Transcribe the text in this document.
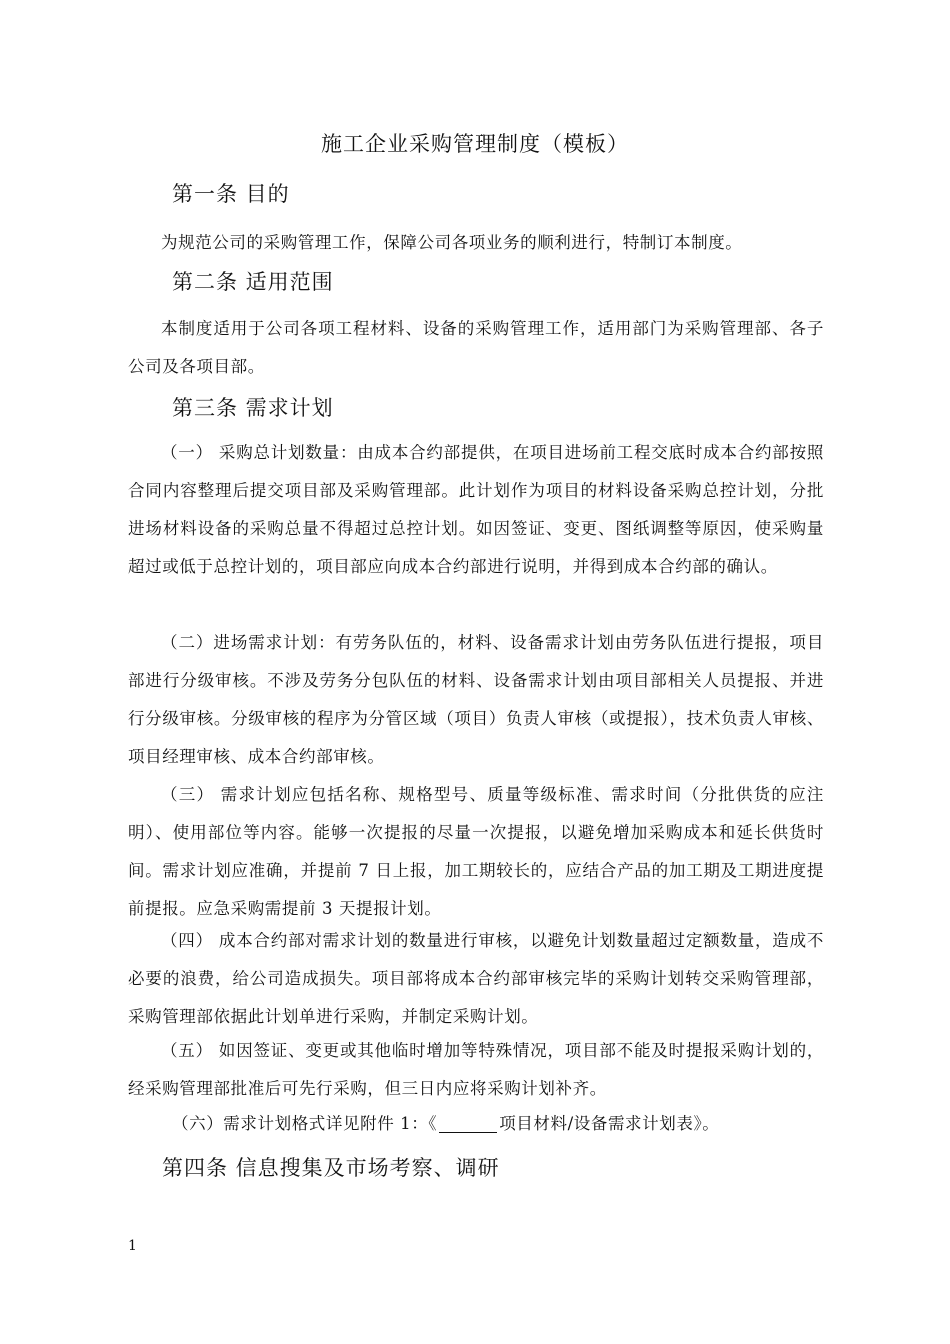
施工企业采购管理制度（模板）
第一条 目的
为规范公司的采购管理工作，保障公司各项业务的顺利进行，特制订本制度。
第二条 适用范围
本制度适用于公司各项工程材料、设备的采购管理工作，适用部门为采购管理部、各子公司及各项目部。
第三条 需求计划
（一） 采购总计划数量：由成本合约部提供，在项目进场前工程交底时成本合约部按照合同内容整理后提交项目部及采购管理部。此计划作为项目的材料设备采购总控计划，分批进场材料设备的采购总量不得超过总控计划。如因签证、变更、图纸调整等原因，使采购量超过或低于总控计划的，项目部应向成本合约部进行说明，并得到成本合约部的确认。
（二）进场需求计划：有劳务队伍的，材料、设备需求计划由劳务队伍进行提报，项目部进行分级审核。不涉及劳务分包队伍的材料、设备需求计划由项目部相关人员提报、并进行分级审核。分级审核的程序为分管区域（项目）负责人审核（或提报），技术负责人审核、项目经理审核、成本合约部审核。
（三） 需求计划应包括名称、规格型号、质量等级标准、需求时间（分批供货的应注明）、使用部位等内容。能够一次提报的尽量一次提报，以避免增加采购成本和延长供货时间。需求计划应准确，并提前 7 日上报，加工期较长的，应结合产品的加工期及工期进度提前提报。应急采购需提前 3 天提报计划。
（四） 成本合约部对需求计划的数量进行审核，以避免计划数量超过定额数量，造成不必要的浪费，给公司造成损失。项目部将成本合约部审核完毕的采购计划转交采购管理部，采购管理部依据此计划单进行采购，并制定采购计划。
（五） 如因签证、变更或其他临时增加等特殊情况，项目部不能及时提报采购计划的，经采购管理部批准后可先行采购，但三日内应将采购计划补齐。
（六）需求计划格式详见附件 1：《	项目材料/设备需求计划表》。
第四条 信息搜集及市场考察、调研
1
